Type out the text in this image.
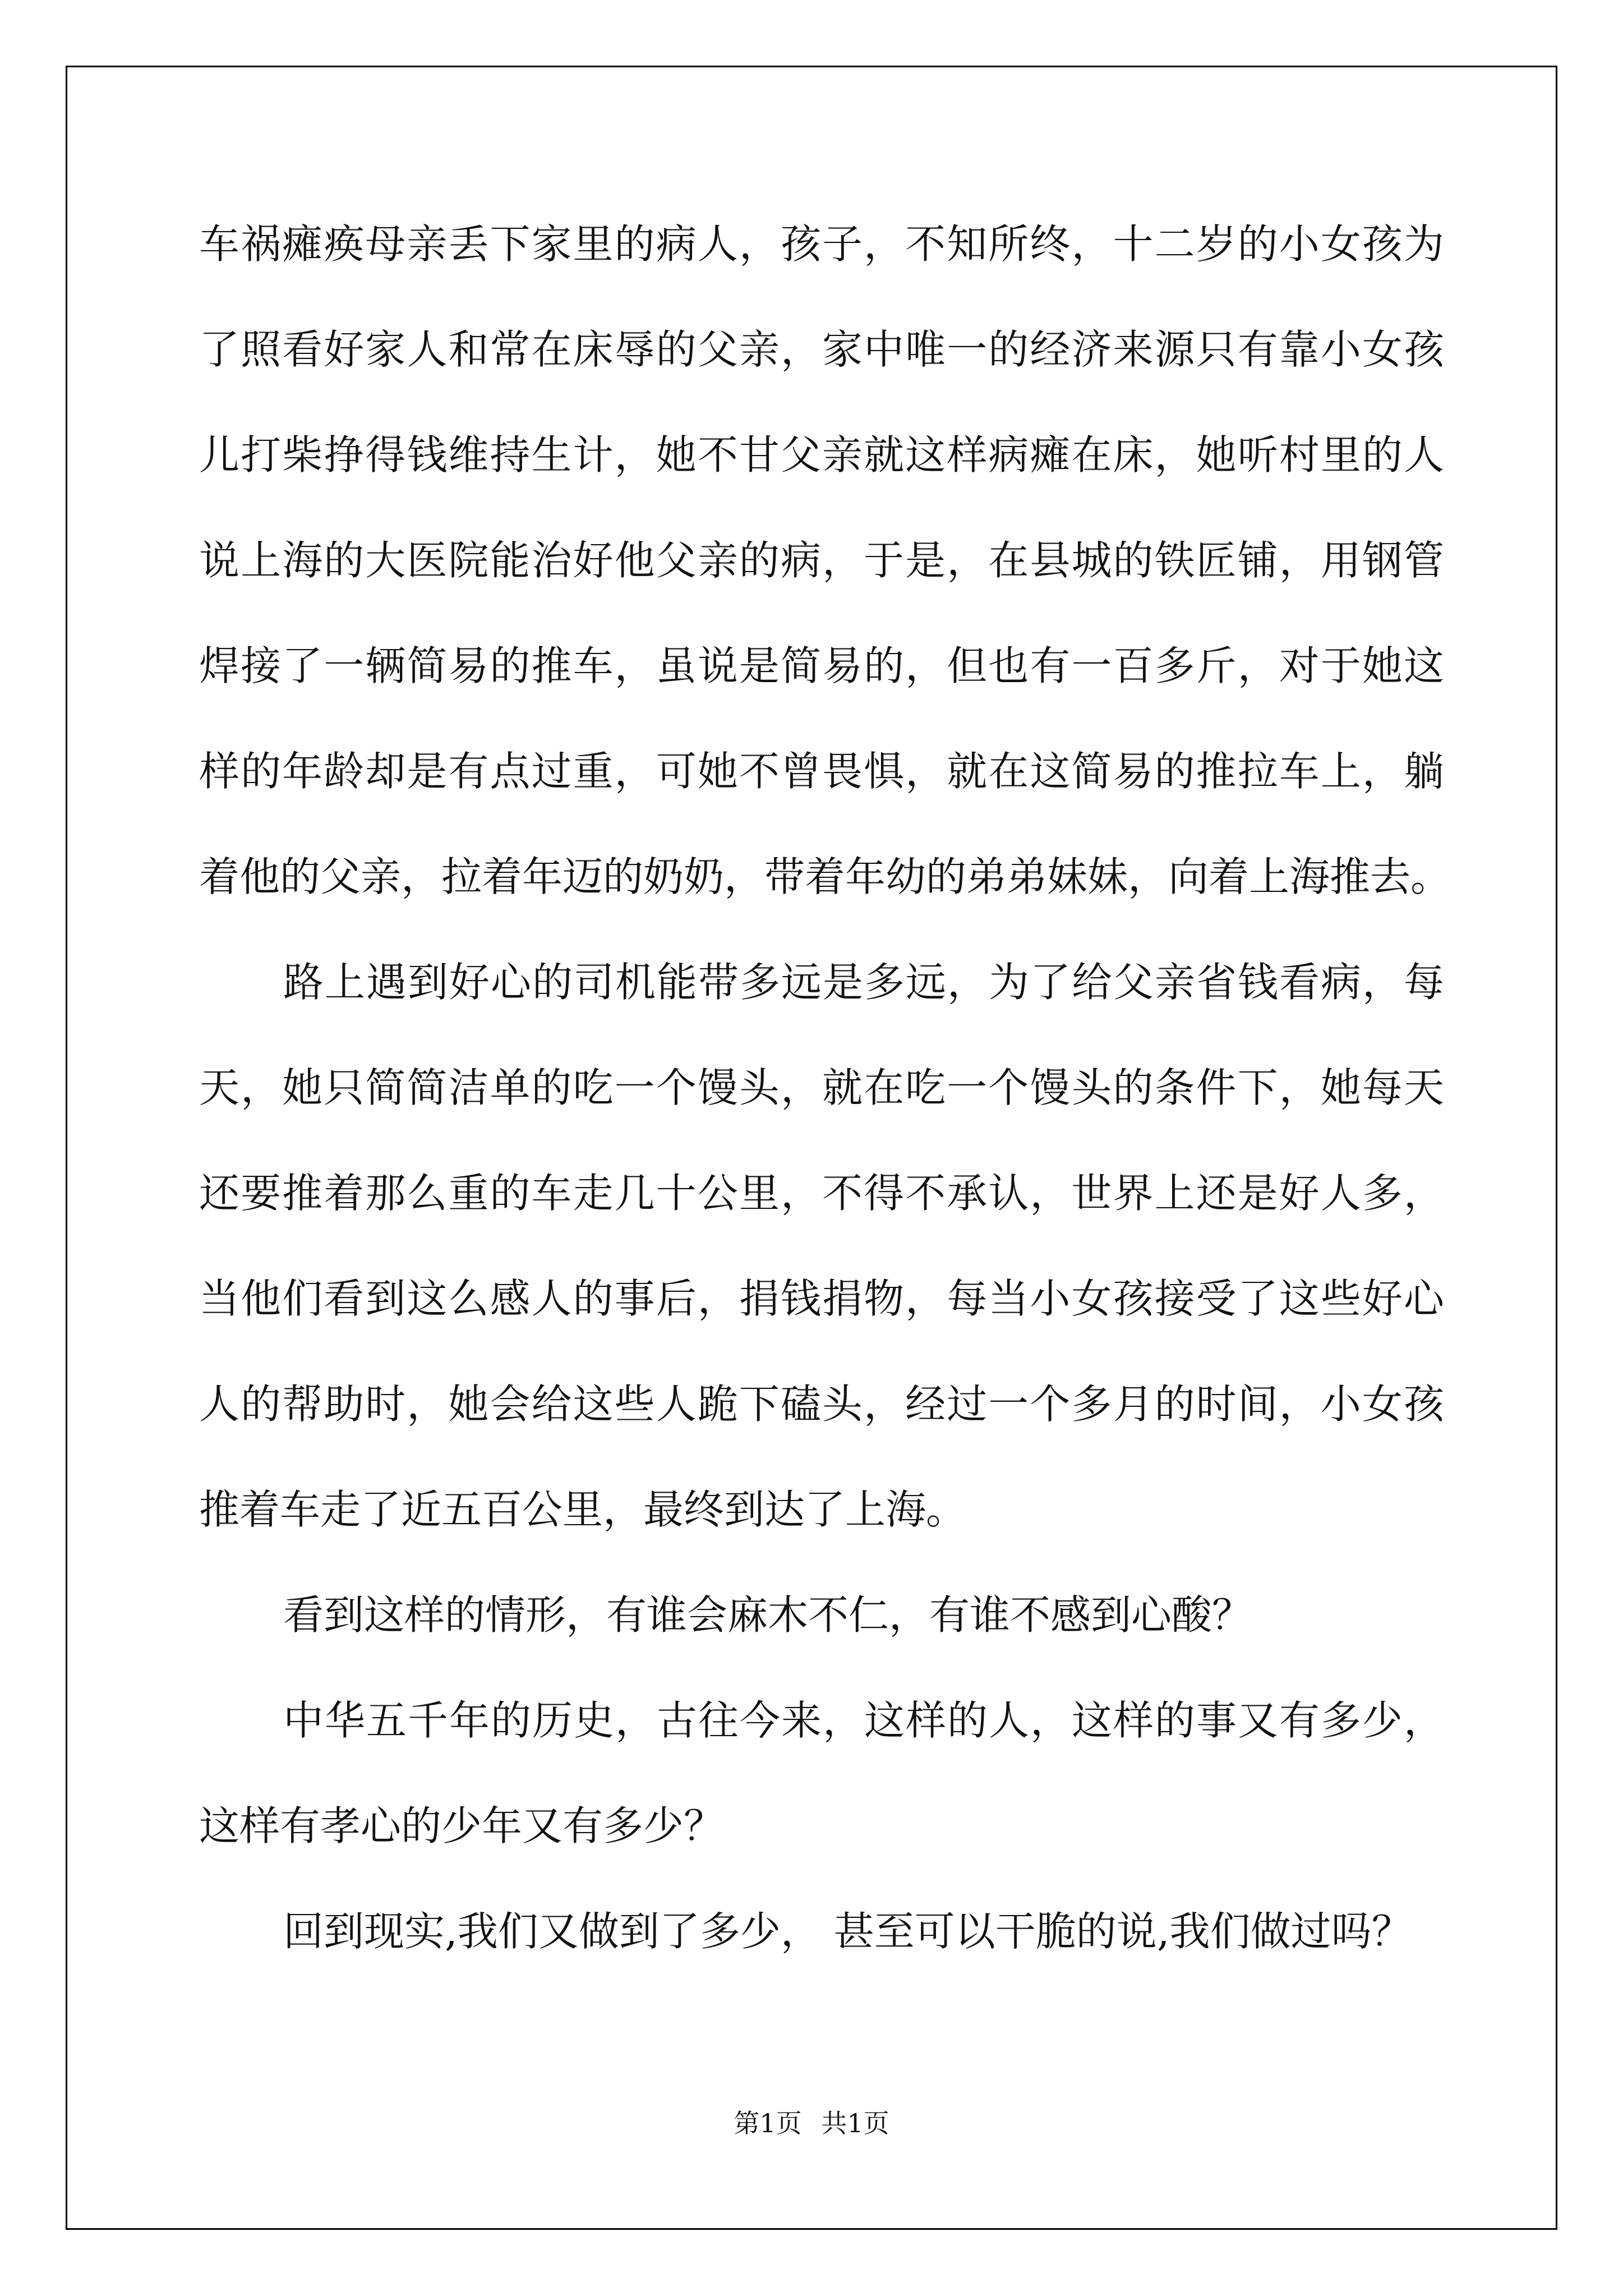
车祸瘫痪母亲丢下家里的病人，孩子，不知所终，十二岁的小女孩为
了照看好家人和常在床辱的父亲，家中唯一的经济来源只有靠小女孩
儿打柴挣得钱维持生计，她不甘父亲就这样病瘫在床，她听村里的人
说上海的大医院能治好他父亲的病，于是，在县城的铁匠铺，用钢管
焊接了一辆简易的推车，虽说是简易的，但也有一百多斤，对于她这
样的年龄却是有点过重，可她不曾畏惧，就在这简易的推拉车上，躺
着他的父亲，拉着年迈的奶奶，带着年幼的弟弟妹妹，向着上海推去。
路上遇到好心的司机能带多远是多远，为了给父亲省钱看病，每
天，她只简简洁单的吃一个馒头，就在吃一个馒头的条件下，她每天
还要推着那么重的车走几十公里，不得不承认，世界上还是好人多，
当他们看到这么感人的事后，捐钱捐物，每当小女孩接受了这些好心
人的帮助时，她会给这些人跪下磕头，经过一个多月的时间，小女孩
推着车走了近五百公里，最终到达了上海。
看到这样的情形，有谁会麻木不仁，有谁不感到心酸？
中华五千年的历史，古往今来，这样的人，这样的事又有多少，
这样有孝心的少年又有多少？
回到现实,我们又做到了多少， 甚至可以干脆的说,我们做过吗？
第1页 共1页
